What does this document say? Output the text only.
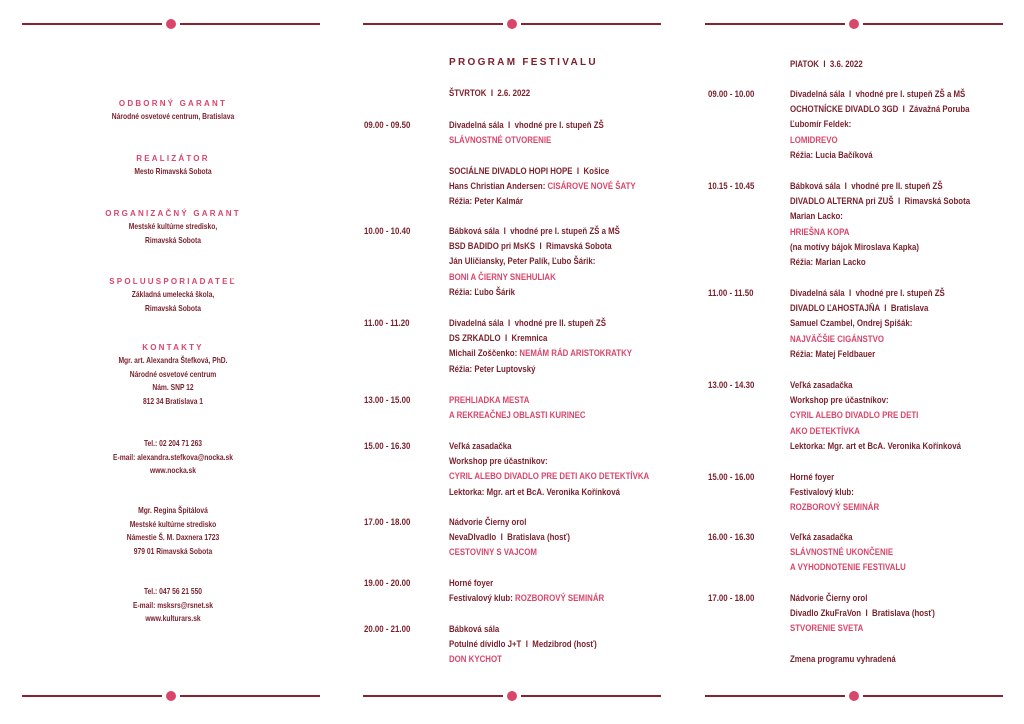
ODBORNÝ GARANT
Národné osvetové centrum, Bratislava
REALIZÁTOR
Mesto Rimavská Sobota
ORGANIZAČNÝ GARANT
Mestské kultúrne stredisko,
Rimavská Sobota
SPOLUUSPORIADATEĽ
Základná umelecká škola,
Rimavská Sobota
KONTAKTY
Mgr. art. Alexandra Štefková, PhD.
Národné osvetové centrum
Nám. SNP 12
812 34 Bratislava 1
Tel.: 02 204 71 263
E-mail: alexandra.stefkova@nocka.sk
www.nocka.sk
Mgr. Regina Špitálová
Mestské kultúrne stredisko
Námestie Š. M. Daxnera 1723
979 01 Rimavská Sobota
Tel.: 047 56 21 550
E-mail: msksrs@rsnet.sk
www.kulturars.sk
PROGRAM FESTIVALU
ŠTVRTOK  I  2.6. 2022
09.00 - 09.50	Divadelná sála  I  vhodné pre I. stupeň ZŠ
SLÁVNOSTNÉ OTVORENIE
SOCIÁLNE DIVADLO HOPI HOPE  I  Košice
Hans Christian Andersen: CISÁROVE NOVÉ ŠATY
Réžia: Peter Kalmár
10.00 - 10.40	Bábková sála  I  vhodné pre I. stupeň ZŠ a MŠ
BSD BADIDO pri MsKS  I  Rimavská Sobota
Ján Uličiansky, Peter Palík, Ľubo Šárik:
BONI A ČIERNY SNEHULIAK
Réžia: Ľubo Šárik
11.00 - 11.20	Divadelná sála  I  vhodné pre II. stupeň ZŠ
DS ZRKADLO  I  Kremnica
Michail Zoščenko: NEMÁM RÁD ARISTOKRATKY
Réžia: Peter Luptovský
13.00 - 15.00	PREHLIADKA MESTA
A REKREAČNEJ OBLASTI KURINEC
15.00 - 16.30	Veľká zasadačka
Workshop pre účastníkov:
CYRIL ALEBO DIVADLO PRE DETI AKO DETEKTÍVKA
Lektorka: Mgr. art et BcA. Veronika Kořínková
17.00 - 18.00	Nádvorie Čierny orol
NevaDIvadlo  I  Bratislava (hosť)
CESTOVINY S VAJCOM
19.00 - 20.00	Horné foyer
Festivalový klub: ROZBOROVÝ SEMINÁR
20.00 - 21.00	Bábková sála
Potulné dívidlo J+T  I  Medzibrod (hosť)
DON KYCHOT
PIATOK  I  3.6. 2022
09.00 - 10.00	Divadelná sála  I  vhodné pre I. stupeň ZŠ a MŠ
OCHOTNÍCKE DIVADLO 3GD  I  Závažná Poruba
Ľubomír Feldek:
LOMIDREVO
Réžia: Lucia Bačíková
10.15 - 10.45	Bábková sála  I  vhodné pre II. stupeň ZŠ
DIVADLO ALTERNA pri ZUŠ  I  Rimavská Sobota
Marian Lacko:
HRIEŠNA KOPA
(na motívy bájok Miroslava Kapka)
Réžia: Marian Lacko
11.00 - 11.50	Divadelná sála  I  vhodné pre I. stupeň ZŠ
DIVADLO ĽAHOSTAJŇA  I  Bratislava
Samuel Czambel, Ondrej Spišák:
NAJVÄČŠIE CIGÁNSTVO
Réžia: Matej Feldbauer
13.00 - 14.30	Veľká zasadačka
Workshop pre účastníkov:
CYRIL ALEBO DIVADLO PRE DETI
AKO DETEKTÍVKA
Lektorka: Mgr. art et BcA. Veronika Kořínková
15.00 - 16.00	Horné foyer
Festivalový klub:
ROZBOROVÝ SEMINÁR
16.00 - 16.30	Veľká zasadačka
SLÁVNOSTNÉ UKONČENIE
A VYHODNOTENIE FESTIVALU
17.00 - 18.00	Nádvorie Čierny orol
Divadlo ZkuFraVon  I  Bratislava (hosť)
STVORENIE SVETA
Zmena programu vyhradená
